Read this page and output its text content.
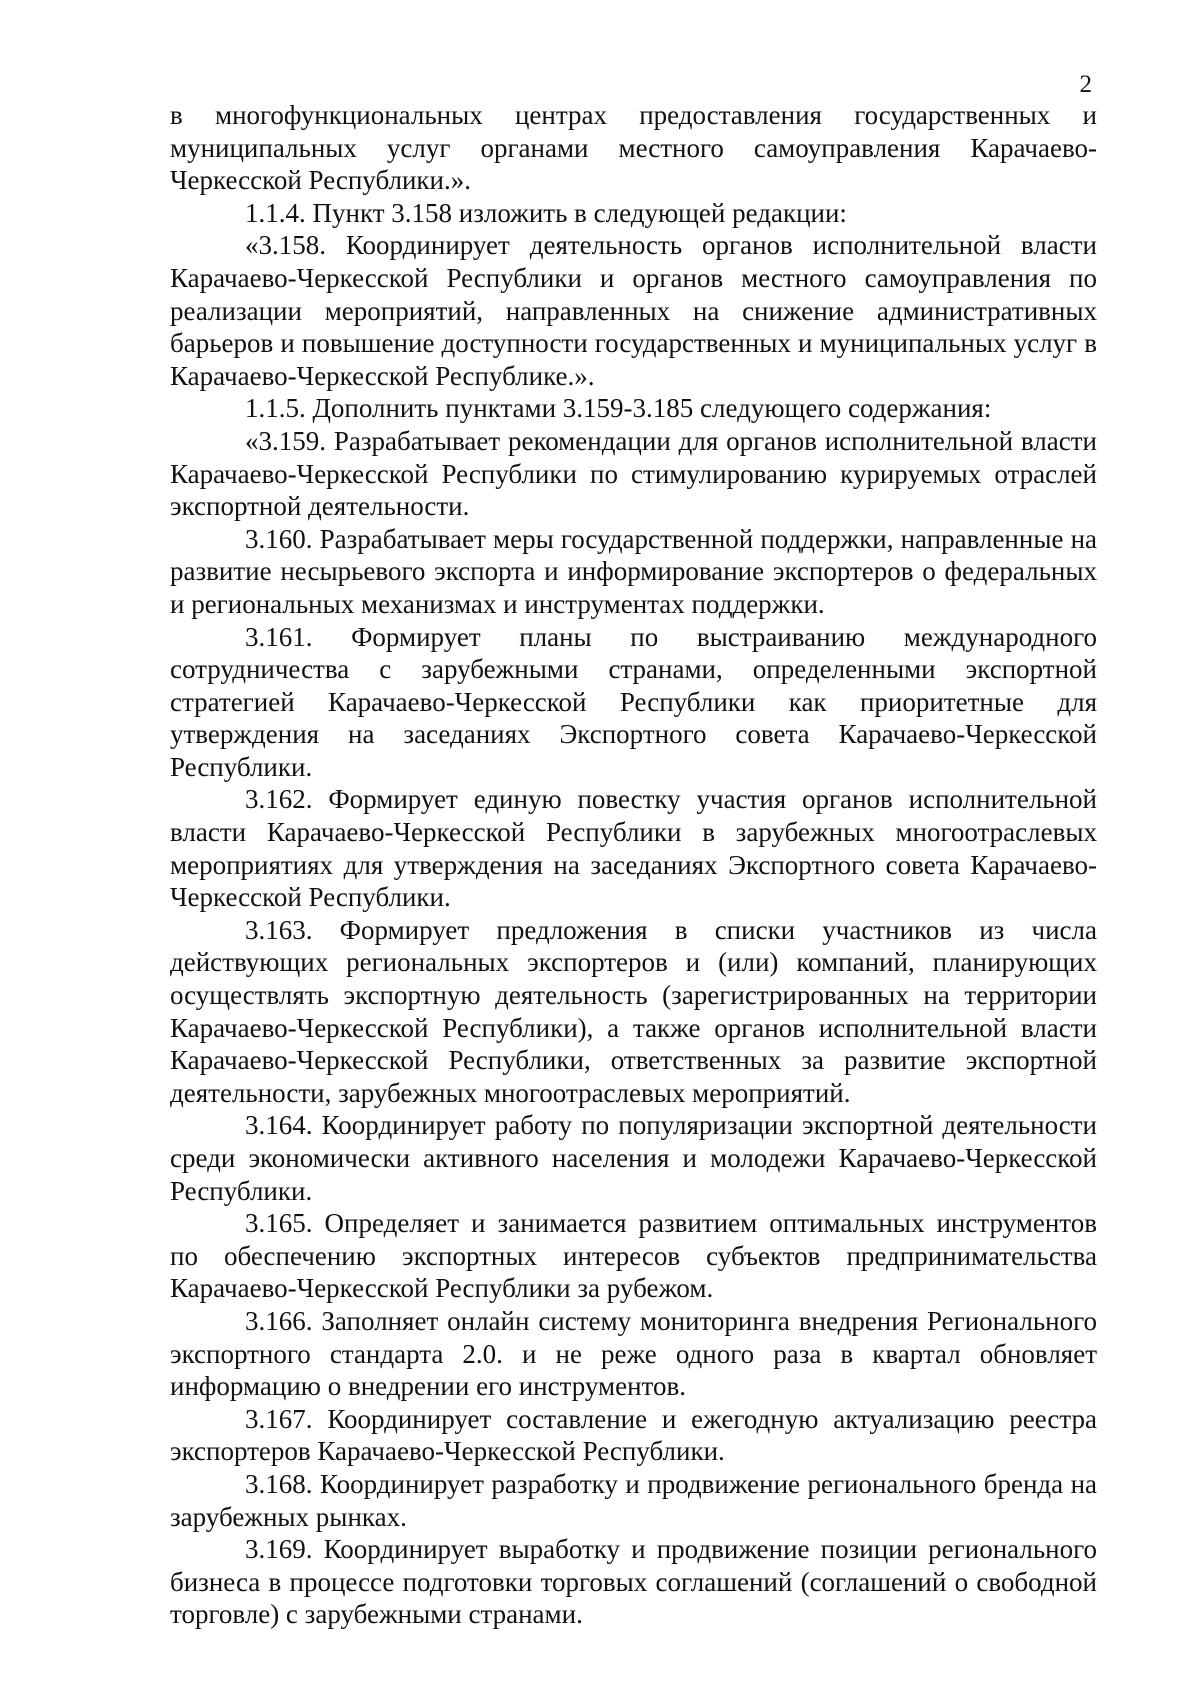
2

в многофункциональных центрах предоставления государственных и муниципальных услуг органами местного самоуправления Карачаево-Черкесской Республики.».

1.1.4. Пункт 3.158 изложить в следующей редакции:

«3.158. Координирует деятельность органов исполнительной власти Карачаево-Черкесской Республики и органов местного самоуправления по реализации мероприятий, направленных на снижение административных барьеров и повышение доступности государственных и муниципальных услуг в Карачаево-Черкесской Республике.».

1.1.5. Дополнить пунктами 3.159-3.185 следующего содержания:

«3.159. Разрабатывает рекомендации для органов исполнительной власти Карачаево-Черкесской Республики по стимулированию курируемых отраслей экспортной деятельности.

3.160. Разрабатывает меры государственной поддержки, направленные на развитие несырьевого экспорта и информирование экспортеров о федеральных и региональных механизмах и инструментах поддержки.

3.161. Формирует планы по выстраиванию международного сотрудничества с зарубежными странами, определенными экспортной стратегией Карачаево-Черкесской Республики как приоритетные для утверждения на заседаниях Экспортного совета Карачаево-Черкесской Республики.

3.162. Формирует единую повестку участия органов исполнительной власти Карачаево-Черкесской Республики в зарубежных многоотраслевых мероприятиях для утверждения на заседаниях Экспортного совета Карачаево-Черкесской Республики.

3.163. Формирует предложения в списки участников из числа действующих региональных экспортеров и (или) компаний, планирующих осуществлять экспортную деятельность (зарегистрированных на территории Карачаево-Черкесской Республики), а также органов исполнительной власти Карачаево-Черкесской Республики, ответственных за развитие экспортной деятельности, зарубежных многоотраслевых мероприятий.

3.164. Координирует работу по популяризации экспортной деятельности среди экономически активного населения и молодежи Карачаево-Черкесской Республики.

3.165. Определяет и занимается развитием оптимальных инструментов по обеспечению экспортных интересов субъектов предпринимательства Карачаево-Черкесской Республики за рубежом.

3.166. Заполняет онлайн систему мониторинга внедрения Регионального экспортного стандарта 2.0. и не реже одного раза в квартал обновляет информацию о внедрении его инструментов.

3.167. Координирует составление и ежегодную актуализацию реестра экспортеров Карачаево-Черкесской Республики.

3.168. Координирует разработку и продвижение регионального бренда на зарубежных рынках.

3.169. Координирует выработку и продвижение позиции регионального бизнеса в процессе подготовки торговых соглашений (соглашений о свободной торговле) с зарубежными странами.
